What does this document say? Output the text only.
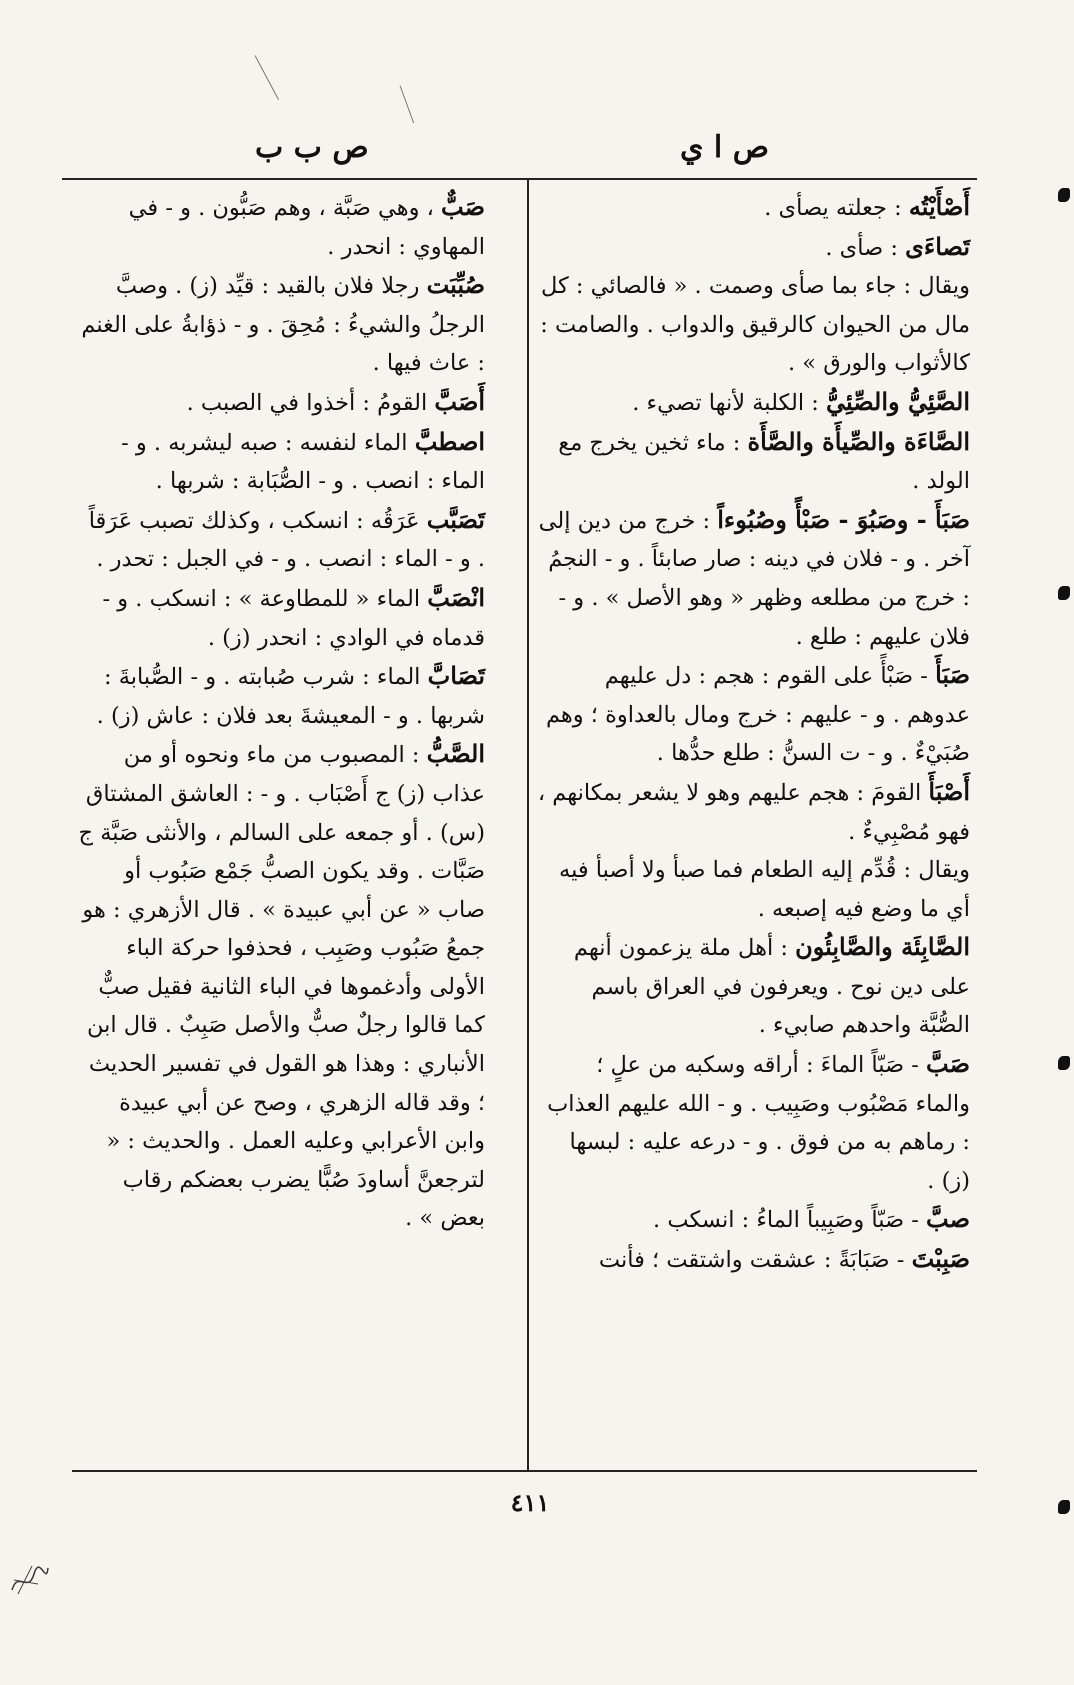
ص ا ي
ص ب ب

أَصْأَيْتُه : جعلته يصأى .

تَصاءَى : صأى .

ويقال : جاء بما صأى وصمت . « فالصائي : كل مال من الحيوان كالرقيق والدواب . والصامت : كالأثواب والورق » .

الصَّئِيُّ والصِّئِيُّ : الكلبة لأنها تصيء .

الصَّاءَة والصِّيأَة والصَّأَة : ماء ثخين يخرج مع الولد .

صَبَأَ - وصَبُوَ - صَبْأً وصُبُوءاً : خرج من دين إلى آخر . و - فلان في دينه : صار صابئاً . و - النجمُ : خرج من مطلعه وظهر « وهو الأصل » . و - فلان عليهم : طلع .

صَبَأَ - صَبْأً على القوم : هجم : دل عليهم عدوهم . و - عليهم : خرج ومال بالعداوة ؛ وهم صُبَيْءٌ . و - ت السنُّ : طلع حدُّها .

أَصْبَأَ القومَ : هجم عليهم وهو لا يشعر بمكانهم ، فهو مُصْبِيءٌ .

ويقال : قُدِّم إليه الطعام فما صبأ ولا أصبأ فيه أي ما وضع فيه إصبعه .

الصَّابِئَة والصَّابِئُون : أهل ملة يزعمون أنهم على دين نوح . ويعرفون في العراق باسم الصُّبَّة واحدهم صابيء .

صَبَّ - صَبّاً الماءَ : أراقه وسكبه من علٍ ؛ والماء مَصْبُوب وصَبِيب . و - الله عليهم العذاب : رماهم به من فوق . و - درعه عليه : لبسها (ز) .

صبَّ - صَبّاً وصَبِيباً الماءُ : انسكب .

صَبِبْتَ - صَبَابَةً : عشقت واشتقت ؛ فأنت

صَبٌّ ، وهي صَبَّة ، وهم صَبُّون . و - في المهاوي : انحدر .

صُبِّبَت رجلا فلان بالقيد : قيِّد (ز) . وصبَّ الرجلُ والشيءُ : مُحِقَ . و - ذؤابةُ على الغنم : عاث فيها .

أَصَبَّ القومُ : أخذوا في الصبب .

اصطبَّ الماء لنفسه : صبه ليشربه . و - الماء : انصب . و - الصُّبَابة : شربها .

تَصَبَّب عَرَقُه : انسكب ، وكذلك تصبب عَرَقاً . و - الماء : انصب . و - في الجبل : تحدر .

انْصَبَّ الماء « للمطاوعة » : انسكب . و - قدماه في الوادي : انحدر (ز) .

تَصَابَّ الماء : شرب صُبابته . و - الصُّبابةَ : شربها . و - المعيشةَ بعد فلان : عاش (ز) .

الصَّبُّ : المصبوب من ماء ونحوه أو من عذاب (ز) ج أَصْبَاب . و - : العاشق المشتاق (س) . أو جمعه على السالم ، والأنثى صَبَّة ج صَبَّات . وقد يكون الصبُّ جَمْع صَبُوب أو صاب « عن أبي عبيدة » . قال الأزهري : هو جمعُ صَبُوب وصَبِب ، فحذفوا حركة الباء الأولى وأدغموها في الباء الثانية فقيل صبٌّ كما قالوا رجلٌ صبٌّ والأصل صَبِبٌ . قال ابن الأنباري : وهذا هو القول في تفسير الحديث ؛ وقد قاله الزهري ، وصح عن أبي عبيدة وابن الأعرابي وعليه العمل . والحديث : « لترجعنَّ أساودَ صُبًّا يضرب بعضكم رقاب بعض » .

٤١١
